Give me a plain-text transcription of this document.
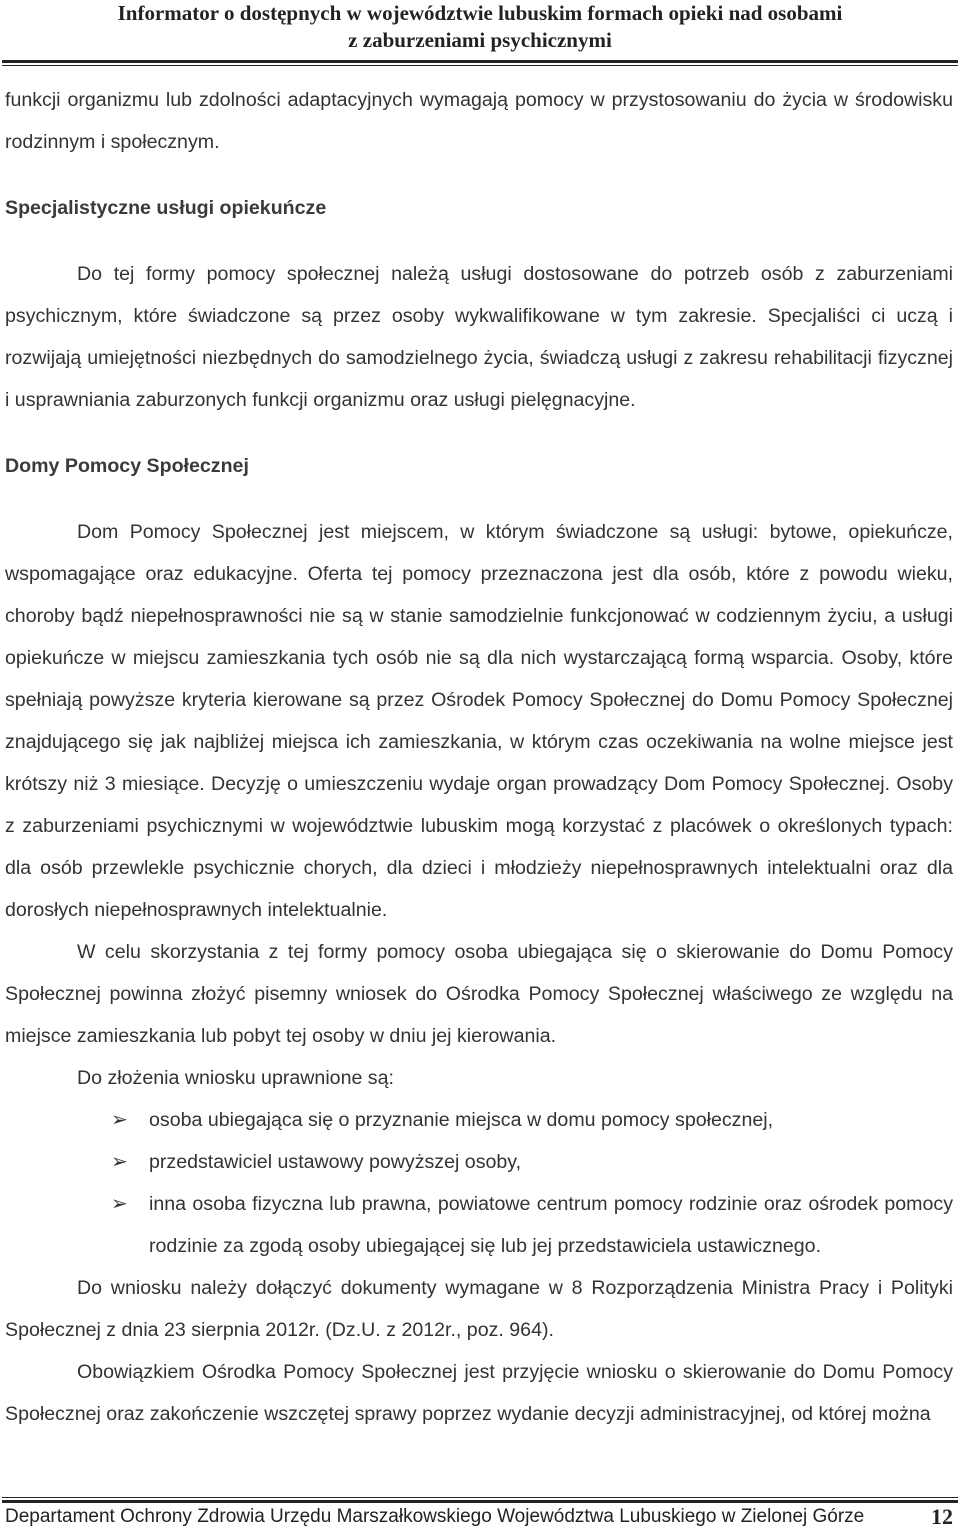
Informator o dostępnych w województwie lubuskim formach opieki nad osobami
z zaburzeniami psychicznymi

funkcji organizmu lub zdolności adaptacyjnych wymagają pomocy w przystosowaniu do życia w środowisku rodzinnym i społecznym.

Specjalistyczne usługi opiekuńcze

Do tej formy pomocy społecznej należą usługi dostosowane do potrzeb osób z zaburzeniami psychicznym, które świadczone są przez osoby wykwalifikowane w tym zakresie. Specjaliści ci uczą i rozwijają umiejętności niezbędnych do samodzielnego życia, świadczą usługi z zakresu rehabilitacji fizycznej i usprawniania zaburzonych funkcji organizmu oraz usługi pielęgnacyjne.

Domy Pomocy Społecznej

Dom Pomocy Społecznej jest miejscem, w którym świadczone są usługi: bytowe, opiekuńcze, wspomagające oraz edukacyjne. Oferta tej pomocy przeznaczona jest dla osób, które z powodu wieku, choroby bądź niepełnosprawności nie są w stanie samodzielnie funkcjonować w codziennym życiu, a usługi opiekuńcze w miejscu zamieszkania tych osób nie są dla nich wystarczającą formą wsparcia. Osoby, które spełniają powyższe kryteria kierowane są przez Ośrodek Pomocy Społecznej do Domu Pomocy Społecznej znajdującego się jak najbliżej miejsca ich zamieszkania, w którym czas oczekiwania na wolne miejsce jest krótszy niż 3 miesiące. Decyzję o umieszczeniu wydaje organ prowadzący Dom Pomocy Społecznej. Osoby z zaburzeniami psychicznymi w województwie lubuskim mogą korzystać z placówek o określonych typach: dla osób przewlekle psychicznie chorych, dla dzieci i młodzieży niepełnosprawnych intelektualni oraz dla dorosłych niepełnosprawnych intelektualnie.

W celu skorzystania z tej formy pomocy osoba ubiegająca się o skierowanie do Domu Pomocy Społecznej powinna złożyć pisemny wniosek do Ośrodka Pomocy Społecznej właściwego ze względu na miejsce zamieszkania lub pobyt tej osoby w dniu jej kierowania.

Do złożenia wniosku uprawnione są:

➢ osoba ubiegająca się o przyznanie miejsca w domu pomocy społecznej,
➢ przedstawiciel ustawowy powyższej osoby,
➢ inna osoba fizyczna lub prawna, powiatowe centrum pomocy rodzinie oraz ośrodek pomocy rodzinie za zgodą osoby ubiegającej się lub jej przedstawiciela ustawicznego.

Do wniosku należy dołączyć dokumenty wymagane w 8 Rozporządzenia Ministra Pracy i Polityki Społecznej z dnia 23 sierpnia 2012r. (Dz.U. z 2012r., poz. 964).

Obowiązkiem Ośrodka Pomocy Społecznej jest przyjęcie wniosku o skierowanie do Domu Pomocy Społecznej oraz zakończenie wszczętej sprawy poprzez wydanie decyzji administracyjnej, od której można

Departament Ochrony Zdrowia Urzędu Marszałkowskiego Województwa Lubuskiego w Zielonej Górze	12
